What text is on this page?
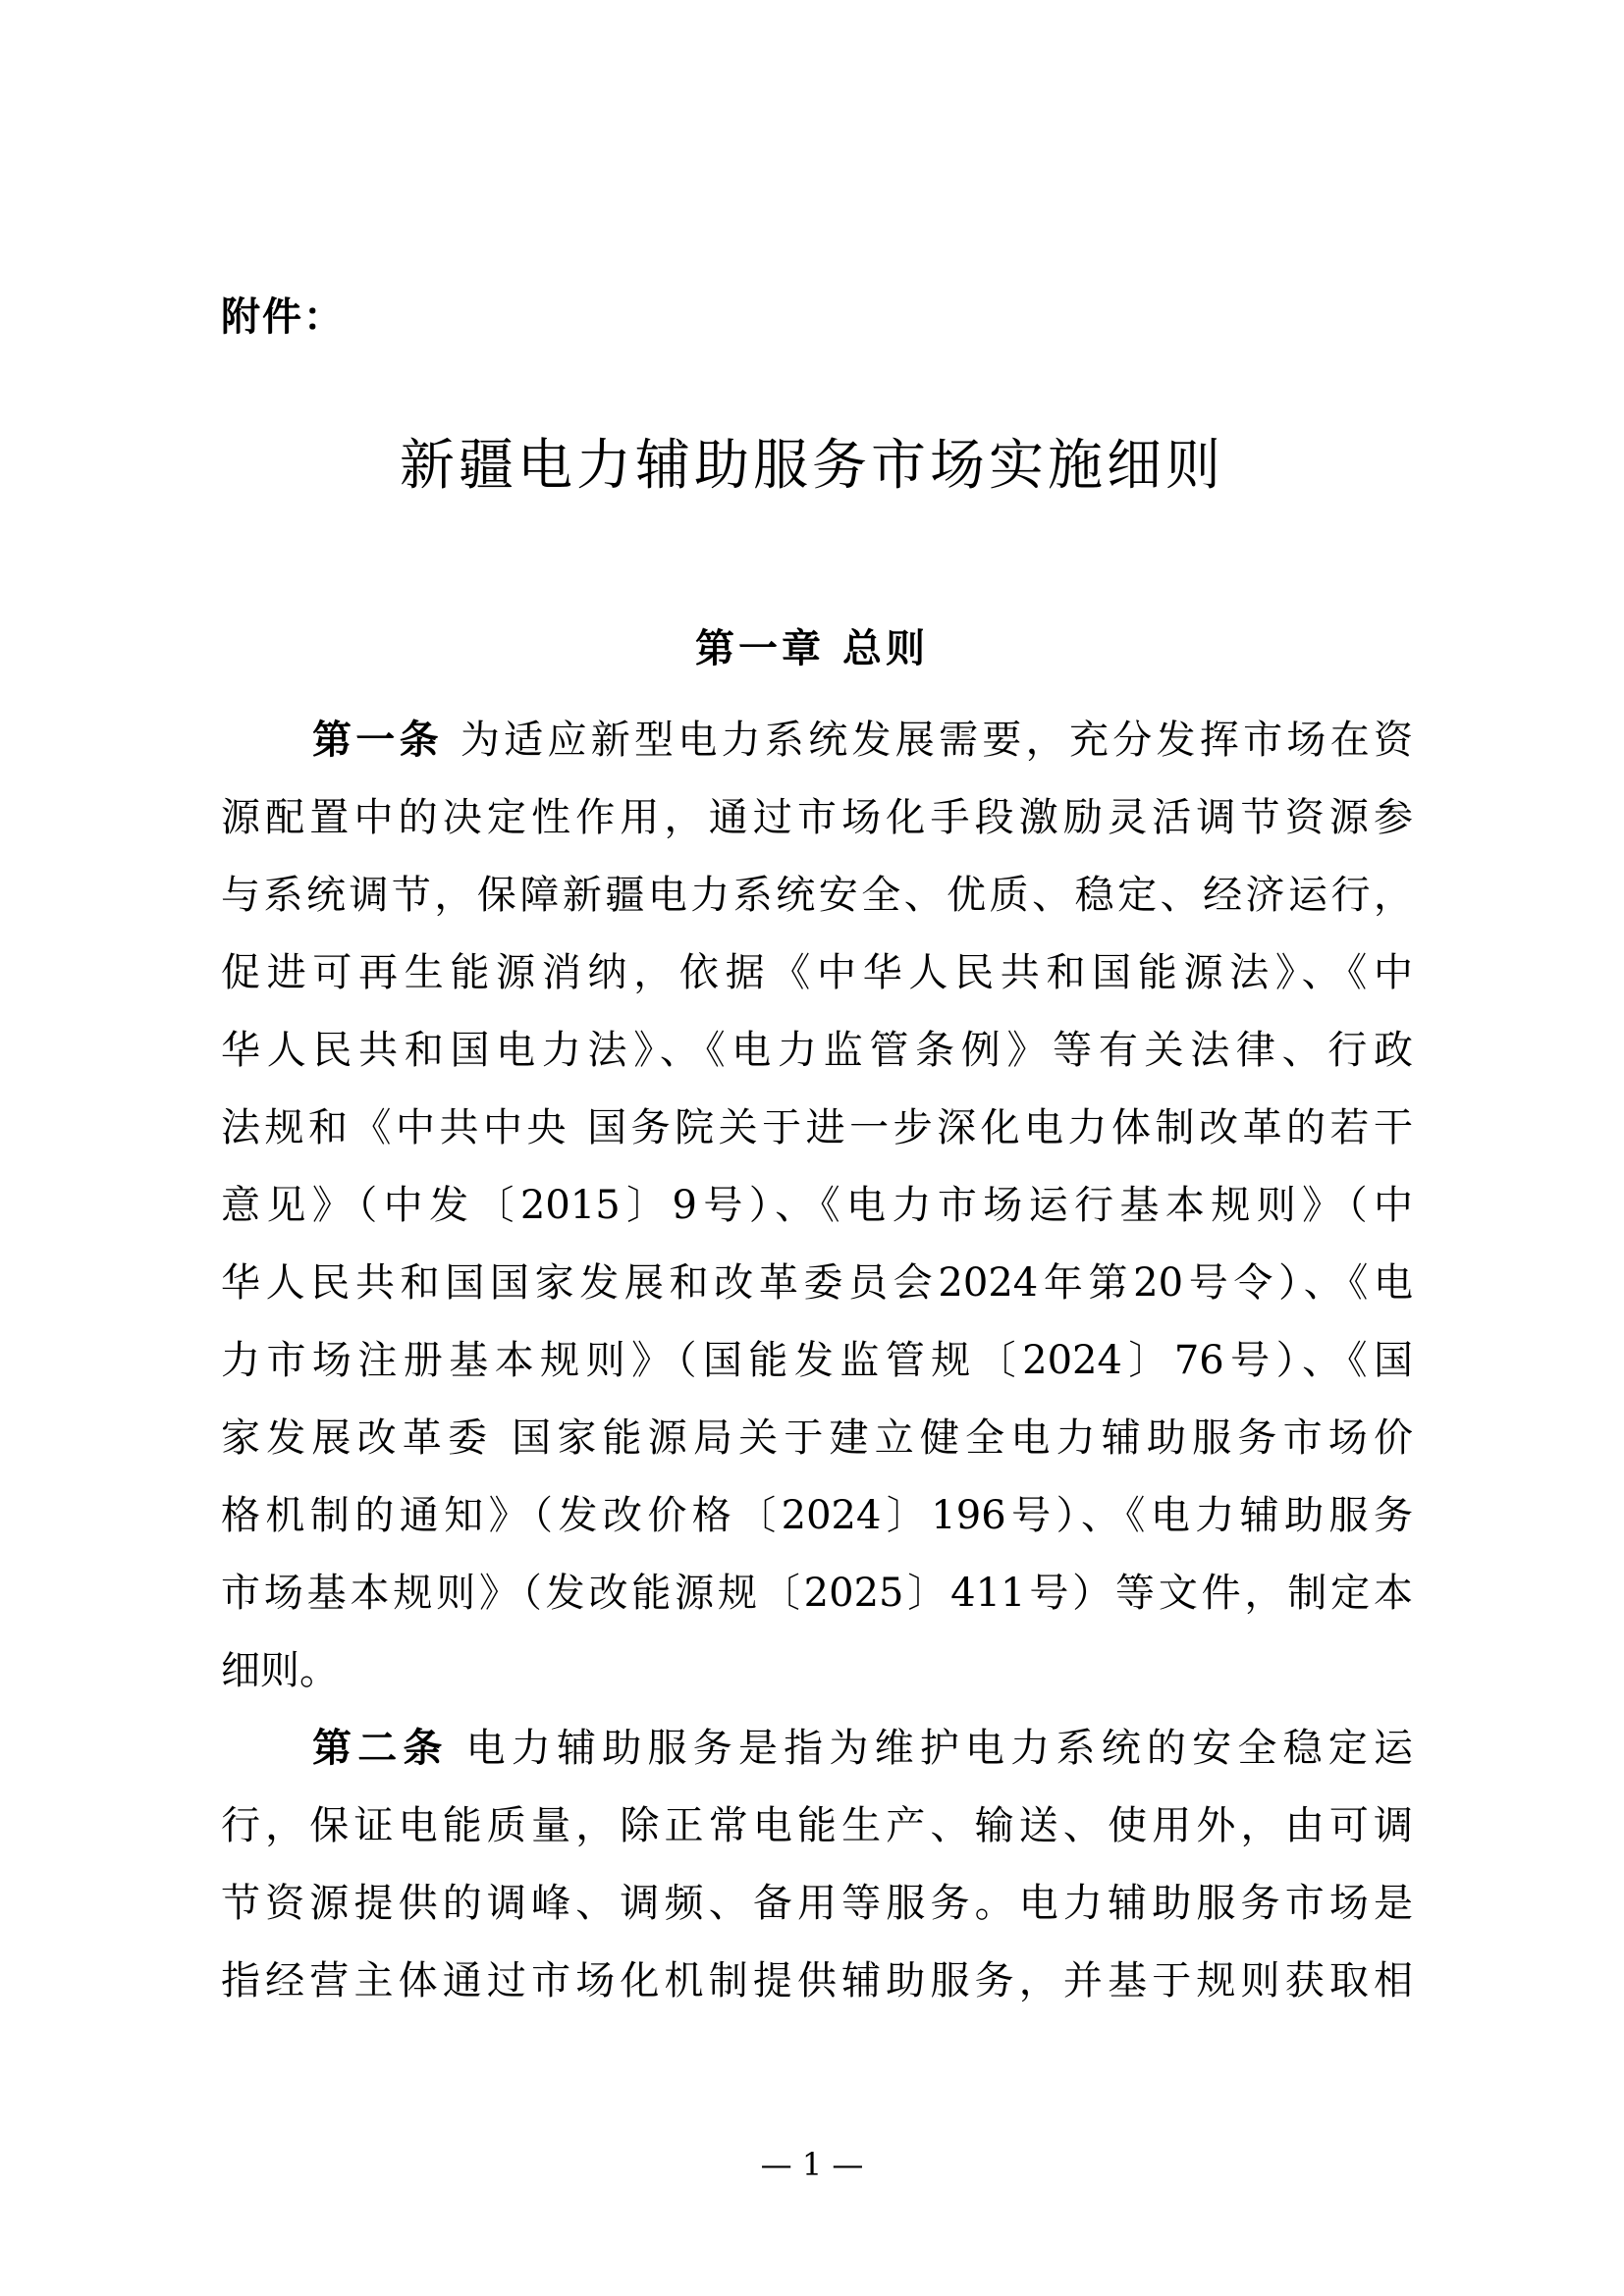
附件：
新疆电力辅助服务市场实施细则
第一章 总则
第一条 为适应新型电力系统发展需要，充分发挥市场在资
源配置中的决定性作用，通过市场化手段激励灵活调节资源参
与系统调节，保障新疆电力系统安全、优质、稳定、经济运行，
促进可再生能源消纳，依据《中华人民共和国能源法》、《中
华人民共和国电力法》、《电力监管条例》等有关法律、行政
法规和《中共中央 国务院关于进一步深化电力体制改革的若干
意见》（中发〔2015〕9号）、《电力市场运行基本规则》（中
华人民共和国国家发展和改革委员会2024年第20号令）、《电
力市场注册基本规则》（国能发监管规〔2024〕76号）、《国
家发展改革委 国家能源局关于建立健全电力辅助服务市场价
格机制的通知》（发改价格〔2024〕196号）、《电力辅助服务
市场基本规则》（发改能源规〔2025〕411号）等文件，制定本
细则。
第二条 电力辅助服务是指为维护电力系统的安全稳定运
行，保证电能质量，除正常电能生产、输送、使用外，由可调
节资源提供的调峰、调频、备用等服务。电力辅助服务市场是
指经营主体通过市场化机制提供辅助服务，并基于规则获取相
— 1 —
